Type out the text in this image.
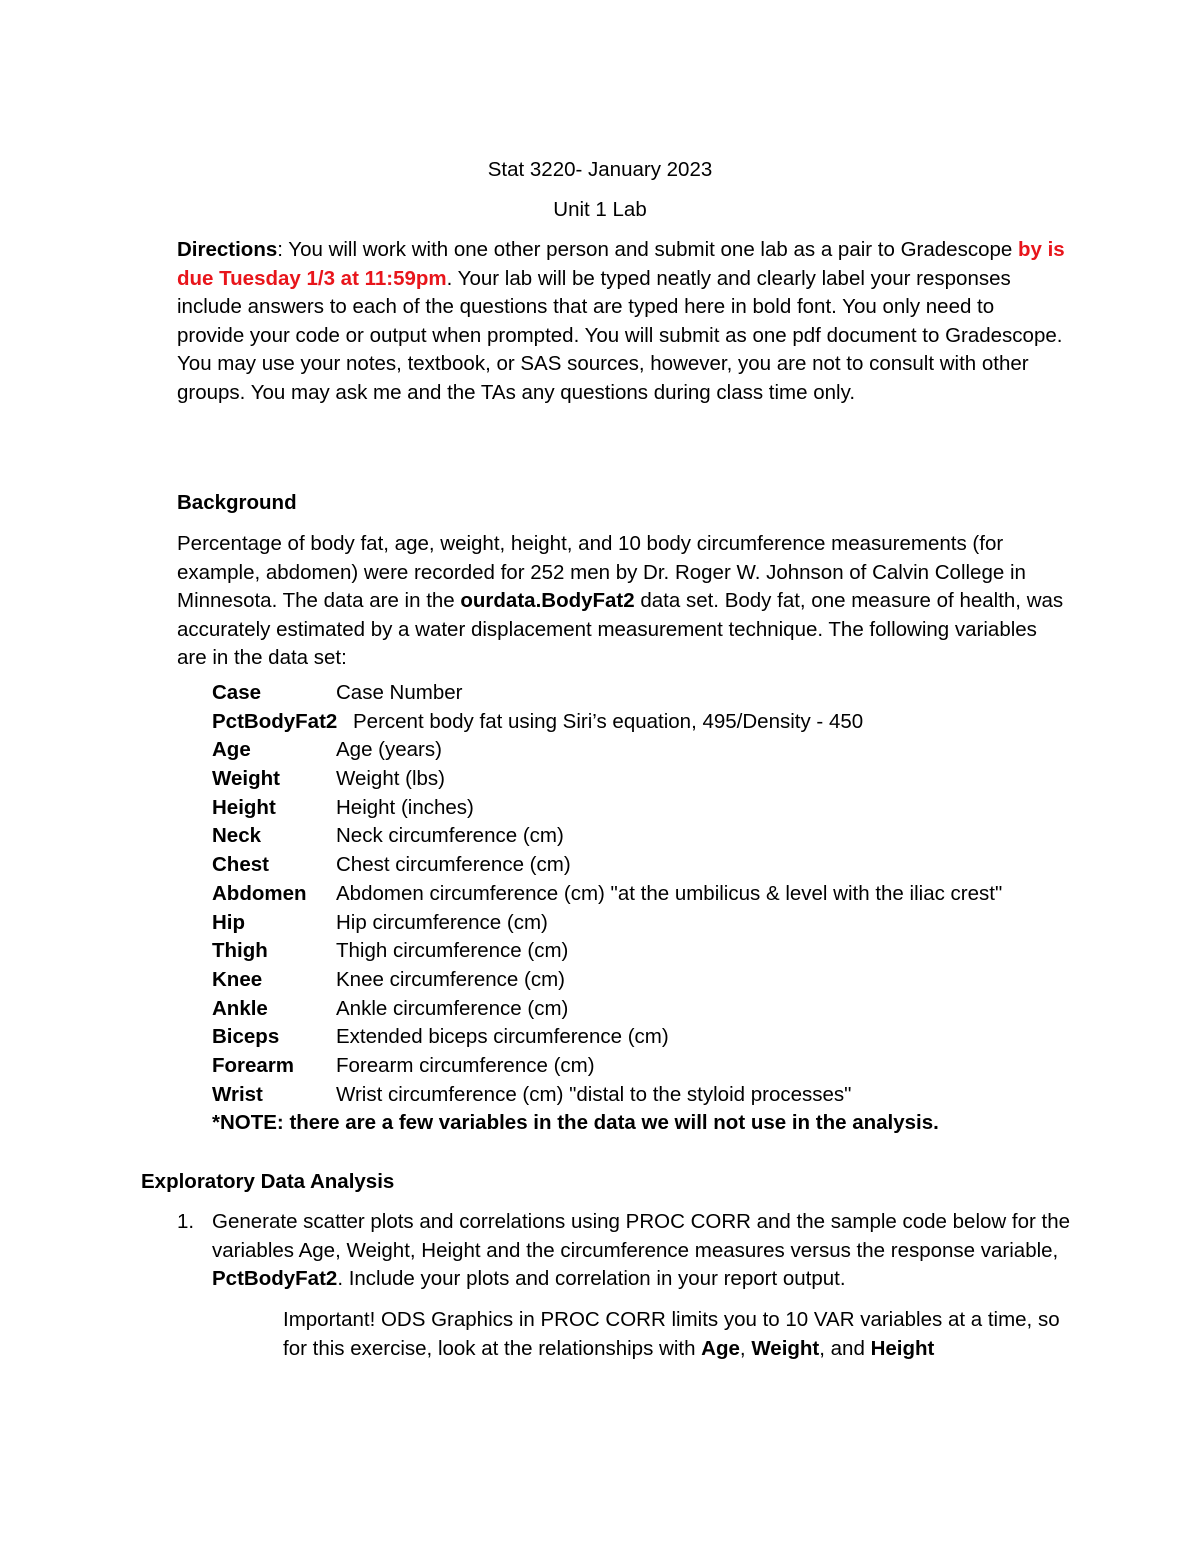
Stat 3220- January 2023
Unit 1 Lab
Directions: You will work with one other person and submit one lab as a pair to Gradescope by is due Tuesday 1/3 at 11:59pm. Your lab will be typed neatly and clearly label your responses include answers to each of the questions that are typed here in bold font. You only need to provide your code or output when prompted. You will submit as one pdf document to Gradescope. You may use your notes, textbook, or SAS sources, however, you are not to consult with other groups. You may ask me and the TAs any questions during class time only.
Background
Percentage of body fat, age, weight, height, and 10 body circumference measurements (for example, abdomen) were recorded for 252 men by Dr. Roger W. Johnson of Calvin College in Minnesota. The data are in the ourdata.BodyFat2 data set. Body fat, one measure of health, was accurately estimated by a water displacement measurement technique. The following variables are in the data set:
Case	Case Number
PctBodyFat2 Percent body fat using Siri’s equation, 495/Density - 450
Age	Age (years)
Weight	Weight (lbs)
Height	Height (inches)
Neck	Neck circumference (cm)
Chest	Chest circumference (cm)
Abdomen Abdomen circumference (cm) "at the umbilicus & level with the iliac crest"
Hip	Hip circumference (cm)
Thigh	Thigh circumference (cm)
Knee	Knee circumference (cm)
Ankle	Ankle circumference (cm)
Biceps	Extended biceps circumference (cm)
Forearm Forearm circumference (cm)
Wrist	Wrist circumference (cm) "distal to the styloid processes"
*NOTE: there are a few variables in the data we will not use in the analysis.
Exploratory Data Analysis
1. Generate scatter plots and correlations using PROC CORR and the sample code below for the variables Age, Weight, Height and the circumference measures versus the response variable, PctBodyFat2. Include your plots and correlation in your report output.
Important! ODS Graphics in PROC CORR limits you to 10 VAR variables at a time, so for this exercise, look at the relationships with Age, Weight, and Height
